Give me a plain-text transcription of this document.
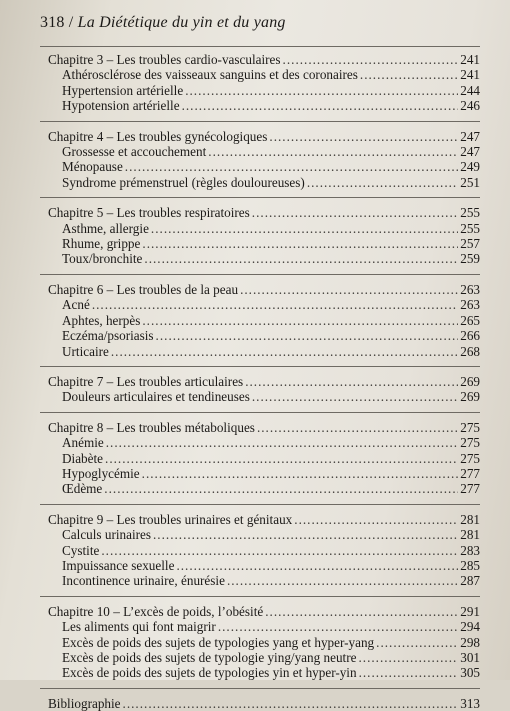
318 / La Diététique du yin et du yang
Chapitre 3 – Les troubles cardio-vasculaires .....	241
Athérosclérose des vaisseaux sanguins et des coronaires .....	241
Hypertension artérielle .....	244
Hypotension artérielle .....	246
Chapitre 4 – Les troubles gynécologiques .....	247
Grossesse et accouchement .....	247
Ménopause .....	249
Syndrome prémenstruel (règles douloureuses) .....	251
Chapitre 5 – Les troubles respiratoires .....	255
Asthme, allergie .....	255
Rhume, grippe .....	257
Toux/bronchite .....	259
Chapitre 6 – Les troubles de la peau .....	263
Acné .....	263
Aphtes, herpès .....	265
Eczéma/psoriasis .....	266
Urticaire .....	268
Chapitre 7 – Les troubles articulaires .....	269
Douleurs articulaires et tendineuses .....	269
Chapitre 8 – Les troubles métaboliques .....	275
Anémie .....	275
Diabète .....	275
Hypoglycémie .....	277
Œdème .....	277
Chapitre 9 – Les troubles urinaires et génitaux .....	281
Calculs urinaires .....	281
Cystite .....	283
Impuissance sexuelle .....	285
Incontinence urinaire, énurésie .....	287
Chapitre 10 – L’excès de poids, l’obésité .....	291
Les aliments qui font maigrir .....	294
Excès de poids des sujets de typologies yang et hyper-yang .....	298
Excès de poids des sujets de typologie ying/yang neutre .....	301
Excès de poids des sujets de typologies yin et hyper-yin .....	305
Bibliographie .....	313
